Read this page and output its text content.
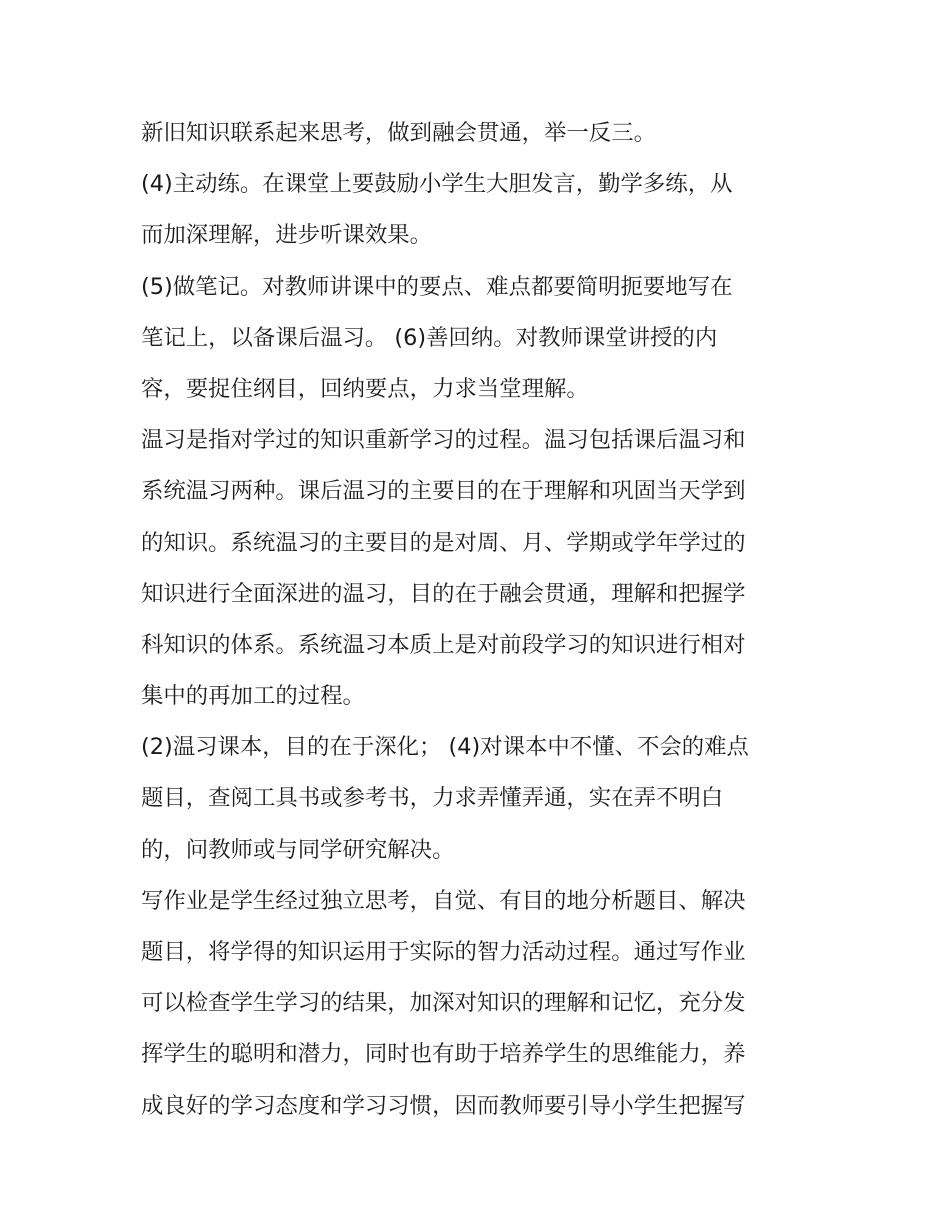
新旧知识联系起来思考，做到融会贯通，举一反三。
(4)主动练。在课堂上要鼓励小学生大胆发言，勤学多练，从
而加深理解，进步听课效果。
(5)做笔记。对教师讲课中的要点、难点都要简明扼要地写在
笔记上，以备课后温习。 (6)善回纳。对教师课堂讲授的内
容，要捉住纲目，回纳要点，力求当堂理解。
温习是指对学过的知识重新学习的过程。温习包括课后温习和
系统温习两种。课后温习的主要目的在于理解和巩固当天学到
的知识。系统温习的主要目的是对周、月、学期或学年学过的
知识进行全面深进的温习，目的在于融会贯通，理解和把握学
科知识的体系。系统温习本质上是对前段学习的知识进行相对
集中的再加工的过程。
(2)温习课本，目的在于深化； (4)对课本中不懂、不会的难点
题目，查阅工具书或参考书，力求弄懂弄通，实在弄不明白
的，问教师或与同学研究解决。
写作业是学生经过独立思考，自觉、有目的地分析题目、解决
题目，将学得的知识运用于实际的智力活动过程。通过写作业
可以检查学生学习的结果，加深对知识的理解和记忆，充分发
挥学生的聪明和潜力，同时也有助于培养学生的思维能力，养
成良好的学习态度和学习习惯，因而教师要引导小学生把握写
